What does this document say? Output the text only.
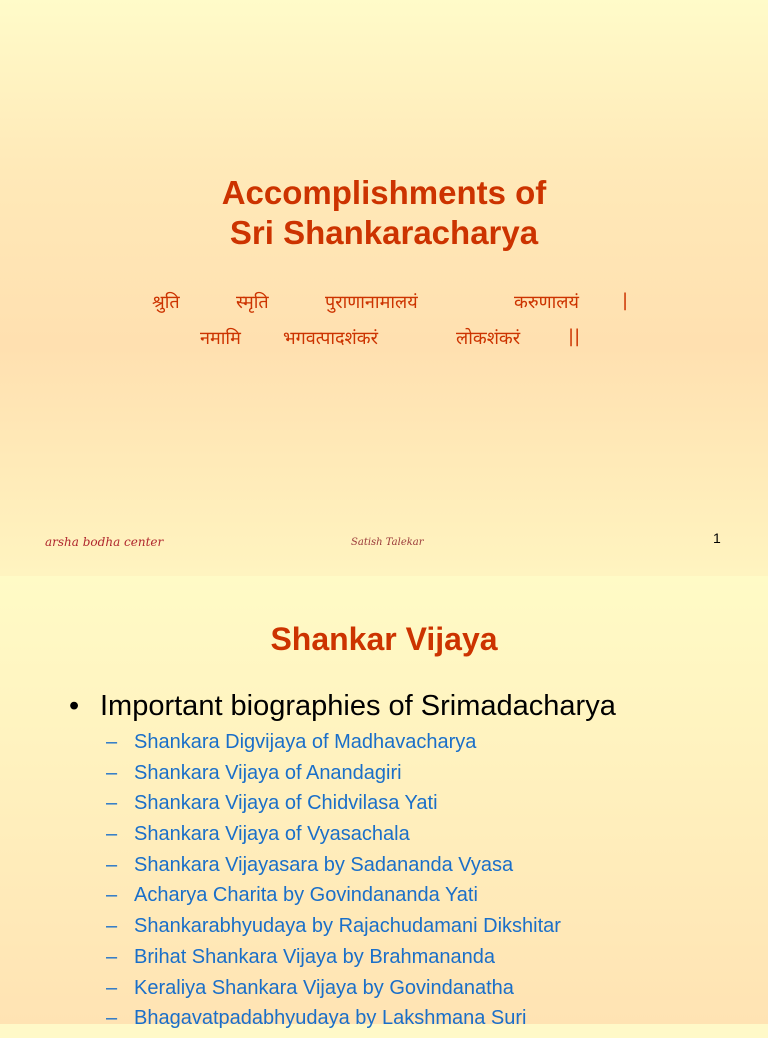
Accomplishments of
Sri Shankaracharya
श्रुति	स्मृति	पुराणानामालयं	करुणालयं |
नमामि भगवत्पादशंकरं	लोकशंकरं	||
arsha bodha center	Satish Talekar	1
Shankar Vijaya
• Important biographies of Srimadacharya
– Shankara Digvijaya of Madhavacharya
– Shankara Vijaya of Anandagiri
– Shankara Vijaya of Chidvilasa Yati
– Shankara Vijaya of Vyasachala
– Shankara Vijayasara by Sadananda Vyasa
– Acharya Charita by Govindananda Yati
– Shankarabhyudaya by Rajachudamani Dikshitar
– Brihat Shankara Vijaya by Brahmananda
– Keraliya Shankara Vijaya by Govindanatha
– Bhagavatpadabhyudaya by Lakshmana Suri
